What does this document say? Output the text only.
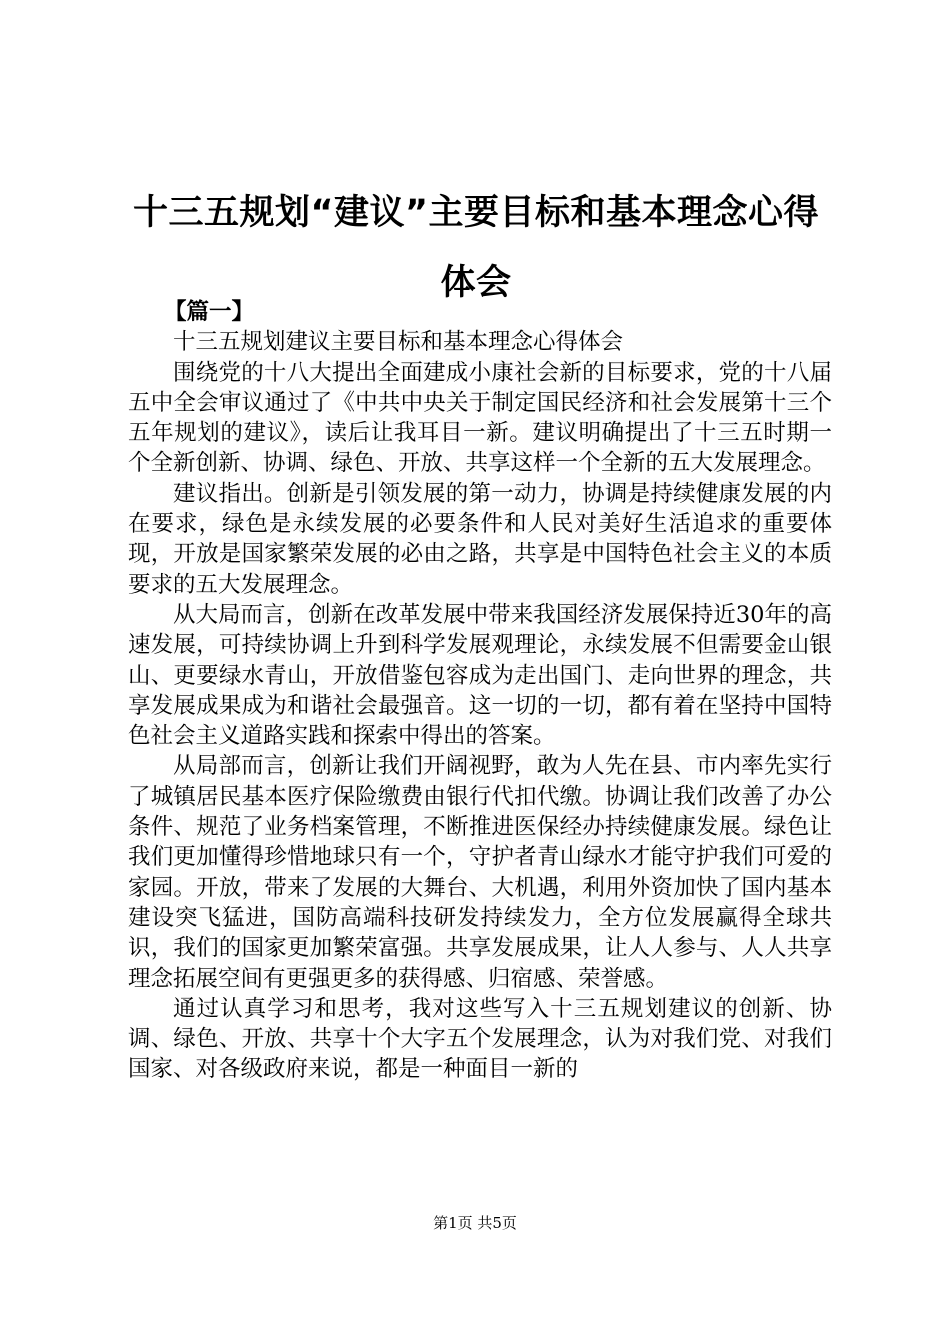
十三五规划“建议”主要目标和基本理念心得体会

【篇一】

十三五规划建议主要目标和基本理念心得体会

围绕党的十八大提出全面建成小康社会新的目标要求，党的十八届五中全会审议通过了《中共中央关于制定国民经济和社会发展第十三个五年规划的建议》，读后让我耳目一新。建议明确提出了十三五时期一个全新创新、协调、绿色、开放、共享这样一个全新的五大发展理念。

建议指出。创新是引领发展的第一动力，协调是持续健康发展的内在要求，绿色是永续发展的必要条件和人民对美好生活追求的重要体现，开放是国家繁荣发展的必由之路，共享是中国特色社会主义的本质要求的五大发展理念。

从大局而言，创新在改革发展中带来我国经济发展保持近30年的高速发展，可持续协调上升到科学发展观理论，永续发展不但需要金山银山、更要绿水青山，开放借鉴包容成为走出国门、走向世界的理念，共享发展成果成为和谐社会最强音。这一切的一切，都有着在坚持中国特色社会主义道路实践和探索中得出的答案。

从局部而言，创新让我们开阔视野，敢为人先在县、市内率先实行了城镇居民基本医疗保险缴费由银行代扣代缴。协调让我们改善了办公条件、规范了业务档案管理，不断推进医保经办持续健康发展。绿色让我们更加懂得珍惜地球只有一个，守护者青山绿水才能守护我们可爱的家园。开放，带来了发展的大舞台、大机遇，利用外资加快了国内基本建设突飞猛进，国防高端科技研发持续发力，全方位发展赢得全球共识，我们的国家更加繁荣富强。共享发展成果，让人人参与、人人共享理念拓展空间有更强更多的获得感、归宿感、荣誉感。

通过认真学习和思考，我对这些写入十三五规划建议的创新、协调、绿色、开放、共享十个大字五个发展理念，认为对我们党、对我们国家、对各级政府来说，都是一种面目一新的

第1页 共5页
